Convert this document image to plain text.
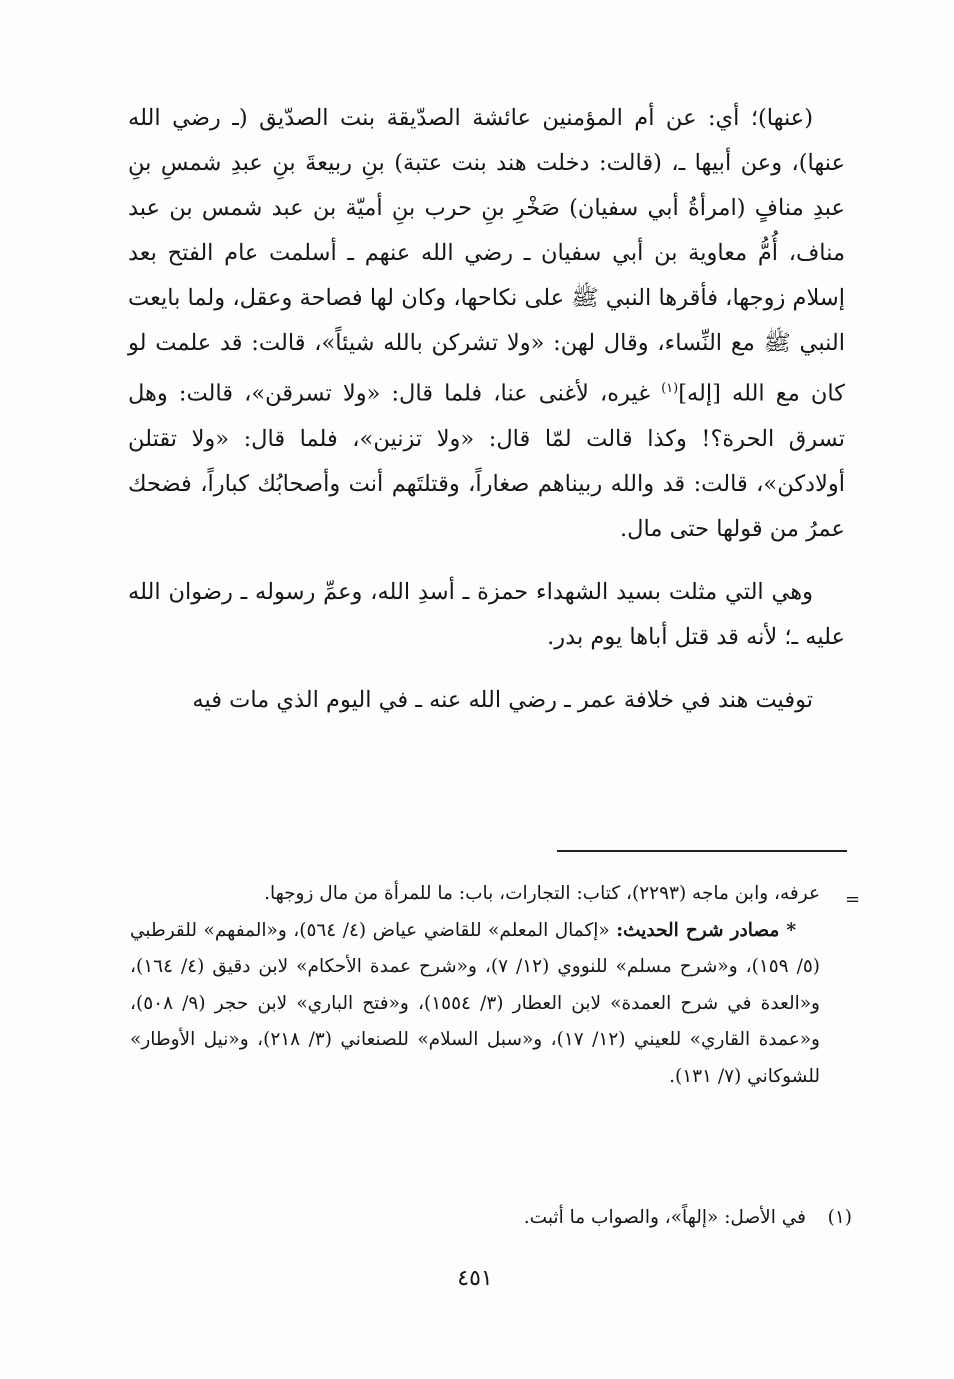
(عنها)؛ أي: عن أم المؤمنين عائشة الصدّيقة بنت الصدّيق (ـ رضي الله عنها)، وعن أبيها ـ، (قالت: دخلت هند بنت عتبة) بنِ ربيعةَ بنِ عبدِ شمسِ بنِ عبدِ منافٍ (امرأةُ أبي سفيان) صَخْرِ بنِ حرب بنِ أميّة بن عبد شمس بن عبد مناف، أُمُّ معاوية بن أبي سفيان ـ رضي الله عنهم ـ أسلمت عام الفتح بعد إسلام زوجها، فأقرها النبي ﷺ على نكاحها، وكان لها فصاحة وعقل، ولما بايعت النبي ﷺ مع النِّساء، وقال لهن: «ولا تشركن بالله شيئاً»، قالت: قد علمت لو كان مع الله [إله]$^{(١)}$ غيره، لأغنى عنا، فلما قال: «ولا تسرقن»، قالت: وهل تسرق الحرة؟! وكذا قالت لمّا قال: «ولا تزنين»، فلما قال: «ولا تقتلن أولادكن»، قالت: قد والله ربيناهم صغاراً، وقتلتَهم أنت وأصحابُك كباراً، فضحك عمرُ من قولها حتى مال.

وهي التي مثلت بسيد الشهداء حمزة ـ أسدِ الله، وعمِّ رسوله ـ رضوان الله عليه ـ؛ لأنه قد قتل أباها يوم بدر.

توفيت هند في خلافة عمر ـ رضي الله عنه ـ في اليوم الذي مات فيه

=

عرفه، وابن ماجه (٢٢٩٣)، كتاب: التجارات، باب: ما للمرأة من مال زوجها.

* مصادر شرح الحديث: «إكمال المعلم» للقاضي عياض (٤/ ٥٦٤)، و«المفهم» للقرطبي (٥/ ١٥٩)، و«شرح مسلم» للنووي (١٢/ ٧)، و«شرح عمدة الأحكام» لابن دقيق (٤/ ١٦٤)، و«العدة في شرح العمدة» لابن العطار (٣/ ١٥٥٤)، و«فتح الباري» لابن حجر (٩/ ٥٠٨)، و«عمدة القاري» للعيني (١٢/ ١٧)، و«سبل السلام» للصنعاني (٣/ ٢١٨)، و«نيل الأوطار» للشوكاني (٧/ ١٣١).

(١)
في الأصل: «إلهاً»، والصواب ما أثبت.
٤٥١
